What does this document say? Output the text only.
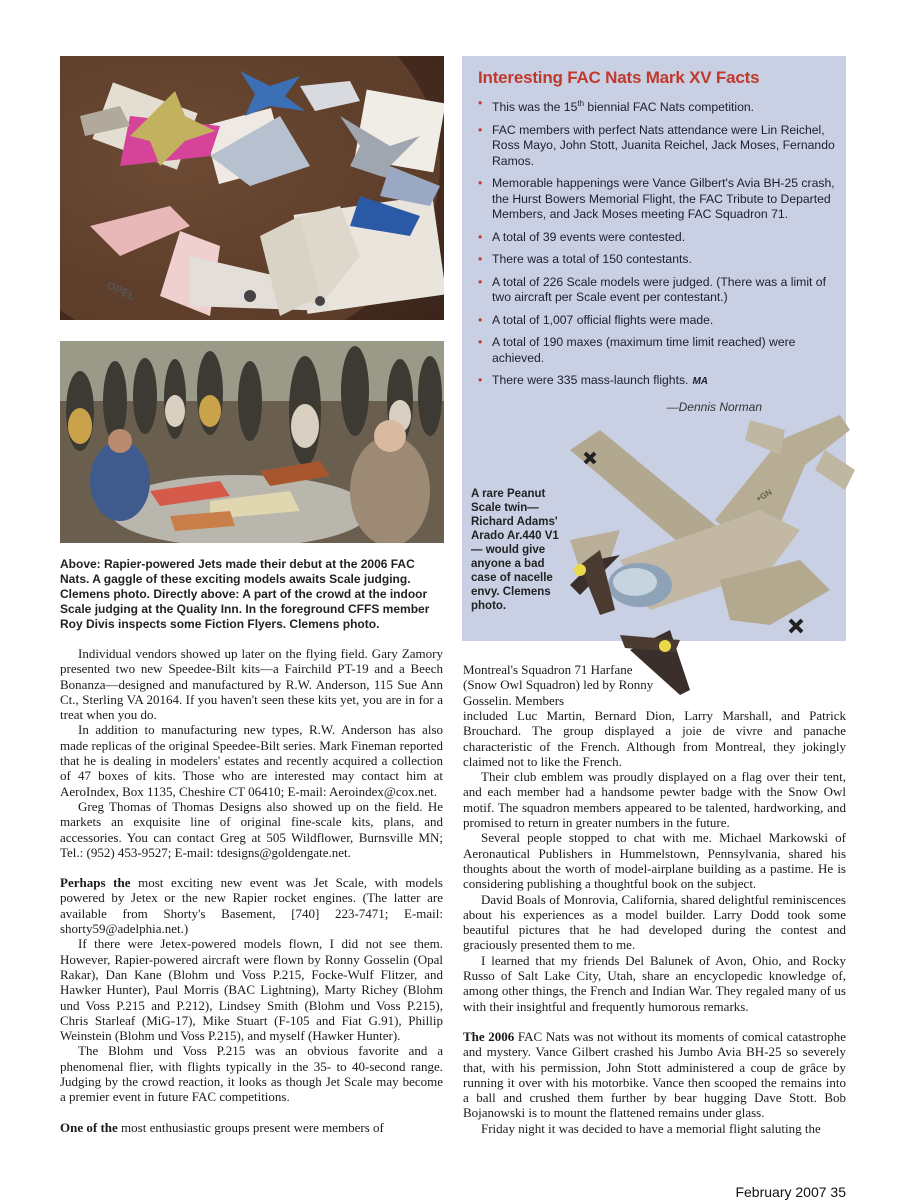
OPEL
Above: Rapier-powered Jets made their debut at the 2006 FAC Nats. A gaggle of these exciting models awaits Scale judging. Clemens photo. Directly above: A part of the crowd at the indoor Scale judging at the Quality Inn. In the foreground CFFS member Roy Divis inspects some Fiction Flyers. Clemens photo.
Interesting FAC Nats Mark XV Facts
• This was the 15th biennial FAC Nats competition.
• FAC members with perfect Nats attendance were Lin Reichel, Ross Mayo, John Stott, Juanita Reichel, Jack Moses, Fernando Ramos.
• Memorable happenings were Vance Gilbert's Avia BH-25 crash, the Hurst Bowers Memorial Flight, the FAC Tribute to Departed Members, and Jack Moses meeting FAC Squadron 71.
• A total of 39 events were contested.
• There was a total of 150 contestants.
• A total of 226 Scale models were judged. (There was a limit of two aircraft per Scale event per contestant.)
• A total of 1,007 official flights were made.
• A total of 190 maxes (maximum time limit reached) were achieved.
• There were 335 mass-launch flights. MA
—Dennis Norman
+GN
A rare Peanut Scale twin— Richard Adams' Arado Ar.440 V1— would give anyone a bad case of nacelle envy. Clemens photo.

Individual vendors showed up later on the flying field. Gary Zamory presented two new Speedee-Bilt kits—a Fairchild PT-19 and a Beech Bonanza—designed and manufactured by R.W. Anderson, 115 Sue Ann Ct., Sterling VA 20164. If you haven't seen these kits yet, you are in for a treat when you do.

In addition to manufacturing new types, R.W. Anderson has also made replicas of the original Speedee-Bilt series. Mark Fineman reported that he is dealing in modelers' estates and recently acquired a collection of 47 boxes of kits. Those who are interested may contact him at AeroIndex, Box 1135, Cheshire CT 06410; E-mail: Aeroindex@cox.net.

Greg Thomas of Thomas Designs also showed up on the field. He markets an exquisite line of original fine-scale kits, plans, and accessories. You can contact Greg at 505 Wildflower, Burnsville MN; Tel.: (952) 453-9527; E-mail: tdesigns@goldengate.net.

Perhaps the most exciting new event was Jet Scale, with models powered by Jetex or the new Rapier rocket engines. (The latter are available from Shorty's Basement, [740] 223-7471; E-mail: shorty59@adelphia.net.)

If there were Jetex-powered models flown, I did not see them. However, Rapier-powered aircraft were flown by Ronny Gosselin (Opal Rakar), Dan Kane (Blohm und Voss P.215, Focke-Wulf Flitzer, and Hawker Hunter), Paul Morris (BAC Lightning), Marty Richey (Blohm und Voss P.215 and P.212), Lindsey Smith (Blohm und Voss P.215), Chris Starleaf (MiG-17), Mike Stuart (F-105 and Fiat G.91), Phillip Weinstein (Blohm und Voss P.215), and myself (Hawker Hunter).

The Blohm und Voss P.215 was an obvious favorite and a phenomenal flier, with flights typically in the 35- to 40-second range. Judging by the crowd reaction, it looks as though Jet Scale may become a premier event in future FAC competitions.

One of the most enthusiastic groups present were members of

Montreal's Squadron 71 Harfane (Snow Owl Squadron) led by Ronny Gosselin. Members

included Luc Martin, Bernard Dion, Larry Marshall, and Patrick Brouchard. The group displayed a joie de vivre and panache characteristic of the French. Although from Montreal, they jokingly claimed not to like the French.

Their club emblem was proudly displayed on a flag over their tent, and each member had a handsome pewter badge with the Snow Owl motif. The squadron members appeared to be talented, hardworking, and promised to return in greater numbers in the future.

Several people stopped to chat with me. Michael Markowski of Aeronautical Publishers in Hummelstown, Pennsylvania, shared his thoughts about the worth of model-airplane building as a pastime. He is considering publishing a thoughtful book on the subject.

David Boals of Monrovia, California, shared delightful reminiscences about his experiences as a model builder. Larry Dodd took some beautiful pictures that he had developed during the contest and graciously presented them to me.

I learned that my friends Del Balunek of Avon, Ohio, and Rocky Russo of Salt Lake City, Utah, share an encyclopedic knowledge of, among other things, the French and Indian War. They regaled many of us with their insightful and frequently humorous remarks.

The 2006 FAC Nats was not without its moments of comical catastrophe and mystery. Vance Gilbert crashed his Jumbo Avia BH-25 so severely that, with his permission, John Stott administered a coup de grâce by running it over with his motorbike. Vance then scooped the remains into a ball and crushed them further by bear hugging Dave Stott. Bob Bojanowski is to mount the flattened remains under glass.

Friday night it was decided to have a memorial flight saluting the

February 2007 35
